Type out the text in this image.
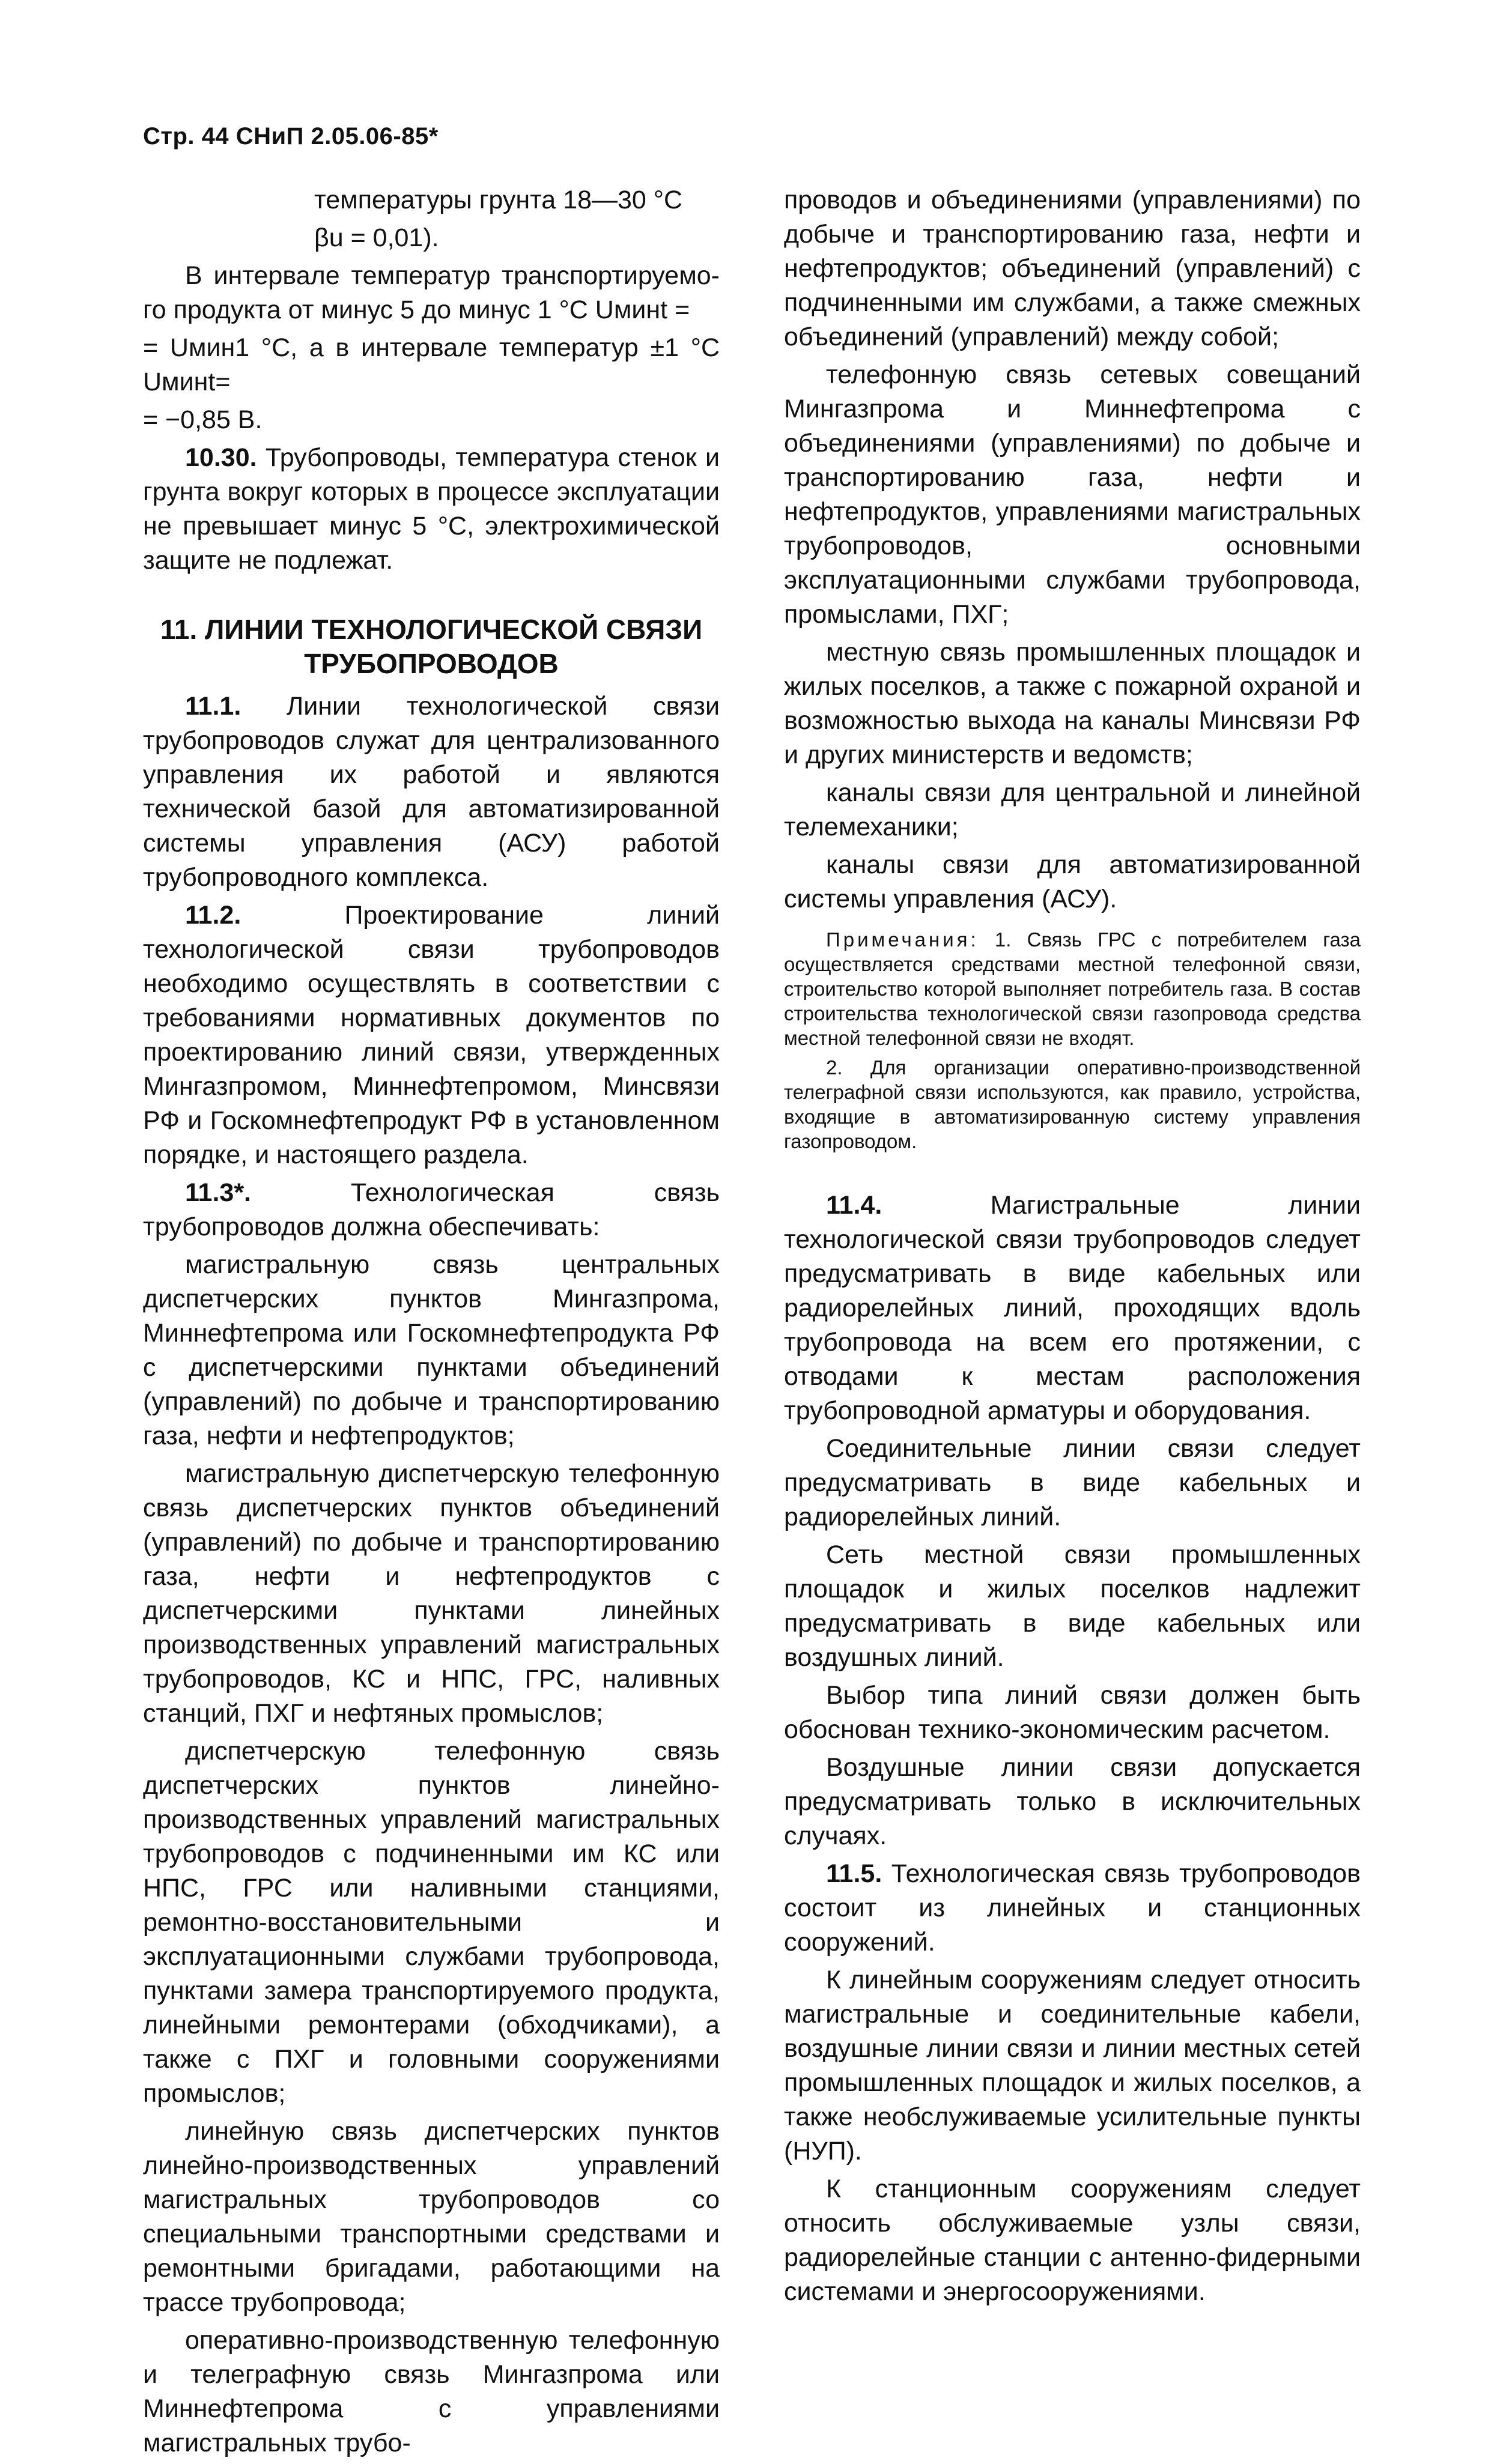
Стр. 44 СНиП 2.05.06-85*

температуры грунта 18—30 °С

βu = 0,01).

В интервале температур транспортируемо-го продукта от минус 5 до минус 1 °С Uминt =

= Uмин1 °С, а в интервале температур ±1 °С Uминt=

= −0,85 В.

10.30. Трубопроводы, температура стенок и грунта вокруг которых в процессе эксплуатации не превышает минус 5 °С, электрохимической защите не подлежат.

11. ЛИНИИ ТЕХНОЛОГИЧЕСКОЙ СВЯЗИ
ТРУБОПРОВОДОВ

11.1. Линии технологической связи трубопроводов служат для централизованного управления их работой и являются технической базой для автоматизированной системы управления (АСУ) работой трубопроводного комплекса.

11.2. Проектирование линий технологической связи трубопроводов необходимо осуществлять в соответствии с требованиями нормативных документов по проектированию линий связи, утвержденных Мингазпромом, Миннефтепромом, Минсвязи РФ и Госкомнефтепродукт РФ в установленном порядке, и настоящего раздела.

11.3*. Технологическая связь трубопроводов должна обеспечивать:

магистральную связь центральных диспетчерских пунктов Мингазпрома, Миннефтепрома или Госкомнефтепродукта РФ с диспетчерскими пунктами объединений (управлений) по добыче и транспортированию газа, нефти и нефтепродуктов;

магистральную диспетчерскую телефонную связь диспетчерских пунктов объединений (управлений) по добыче и транспортированию газа, нефти и нефтепродуктов с диспетчерскими пунктами линейных производственных управлений магистральных трубопроводов, КС и НПС, ГРС, наливных станций, ПХГ и нефтяных промыслов;

диспетчерскую телефонную связь диспетчерских пунктов линейно-производственных управлений магистральных трубопроводов с подчиненными им КС или НПС, ГРС или наливными станциями, ремонтно-восстановительными и эксплуатационными службами трубопровода, пунктами замера транспортируемого продукта, линейными ремонтерами (обходчиками), а также с ПХГ и головными сооружениями промыслов;

линейную связь диспетчерских пунктов линейно-производственных управлений магистральных трубопроводов со специальными транспортными средствами и ремонтными бригадами, работающими на трассе трубопровода;

оперативно-производственную телефонную и телеграфную связь Мингазпрома или Миннефтепрома с управлениями магистральных трубо-

проводов и объединениями (управлениями) по добыче и транспортированию газа, нефти и нефтепродуктов; объединений (управлений) с подчиненными им службами, а также смежных объединений (управлений) между собой;

телефонную связь сетевых совещаний Мингазпрома и Миннефтепрома с объединениями (управлениями) по добыче и транспортированию газа, нефти и нефтепродуктов, управлениями магистральных трубопроводов, основными эксплуатационными службами трубопровода, промыслами, ПХГ;

местную связь промышленных площадок и жилых поселков, а также с пожарной охраной и возможностью выхода на каналы Минсвязи РФ и других министерств и ведомств;

каналы связи для центральной и линейной телемеханики;

каналы связи для автоматизированной системы управления (АСУ).

Примечания: 1. Связь ГРС с потребителем газа осуществляется средствами местной телефонной связи, строительство которой выполняет потребитель газа. В состав строительства технологической связи газопровода средства местной телефонной связи не входят.

2. Для организации оперативно-производственной телеграфной связи используются, как правило, устройства, входящие в автоматизированную систему управления газопроводом.

11.4. Магистральные линии технологической связи трубопроводов следует предусматривать в виде кабельных или радиорелейных линий, проходящих вдоль трубопровода на всем его протяжении, с отводами к местам расположения трубопроводной арматуры и оборудования.

Соединительные линии связи следует предусматривать в виде кабельных и радиорелейных линий.

Сеть местной связи промышленных площадок и жилых поселков надлежит предусматривать в виде кабельных или воздушных линий.

Выбор типа линий связи должен быть обоснован технико-экономическим расчетом.

Воздушные линии связи допускается предусматривать только в исключительных случаях.

11.5. Технологическая связь трубопроводов состоит из линейных и станционных сооружений.

К линейным сооружениям следует относить магистральные и соединительные кабели, воздушные линии связи и линии местных сетей промышленных площадок и жилых поселков, а также необслуживаемые усилительные пункты (НУП).

К станционным сооружениям следует относить обслуживаемые узлы связи, радиорелейные станции с антенно-фидерными системами и энергосооружениями.
